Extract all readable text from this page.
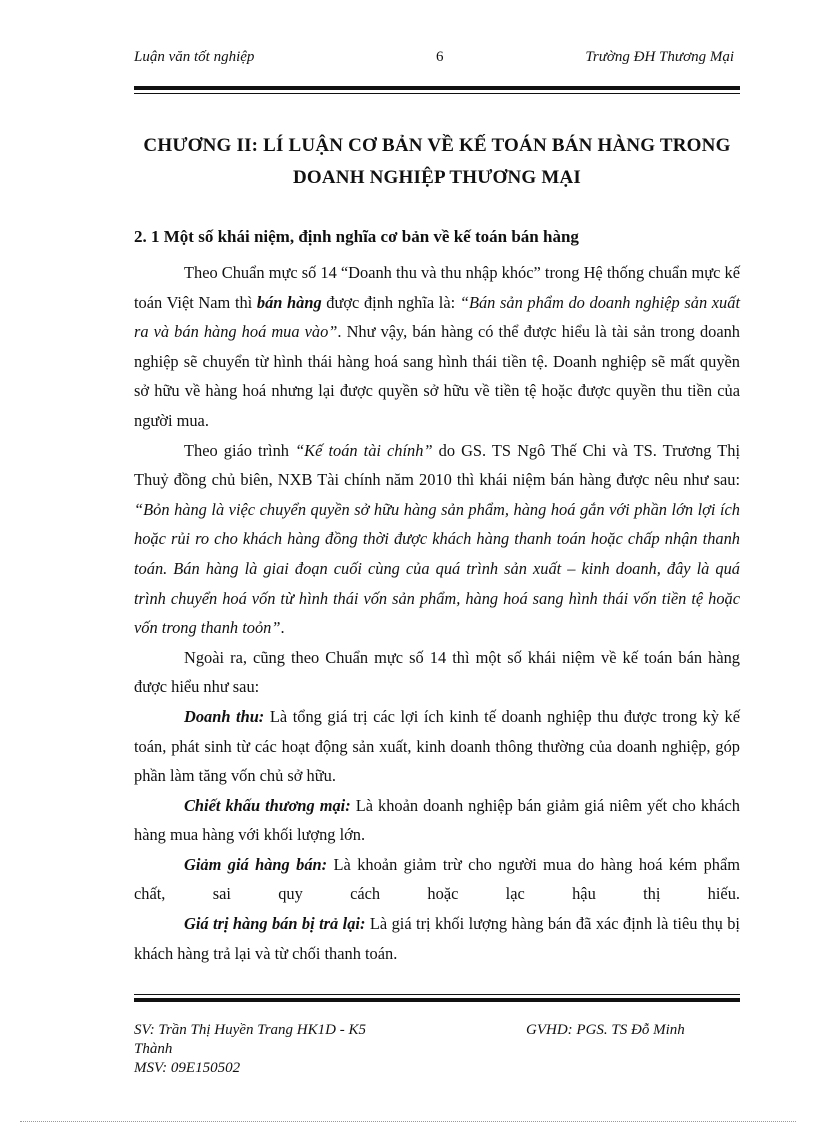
Luận văn tốt nghiệp	6	Trường ĐH Thương Mại
CHƯƠNG II: LÍ LUẬN CƠ BẢN VỀ KẾ TOÁN BÁN HÀNG TRONG
DOANH NGHIỆP THƯƠNG MẠI
2. 1 Một số khái niệm, định nghĩa cơ bản về kế toán bán hàng

Theo Chuẩn mực số 14 “Doanh thu và thu nhập khóc” trong Hệ thống chuẩn mực kế toán Việt Nam thì bán hàng được định nghĩa là: “Bán sản phẩm do doanh nghiệp sản xuất ra và bán hàng hoá mua vào”. Như vậy, bán hàng có thể được hiểu là tài sản trong doanh nghiệp sẽ chuyển từ hình thái hàng hoá sang hình thái tiền tệ. Doanh nghiệp sẽ mất quyền sở hữu về hàng hoá nhưng lại được quyền sở hữu về tiền tệ hoặc được quyền thu tiền của người mua.

Theo giáo trình “Kế toán tài chính” do GS. TS Ngô Thế Chi và TS. Trương Thị Thuỷ đồng chủ biên, NXB Tài chính năm 2010 thì khái niệm bán hàng được nêu như sau: “Bỏn hàng là việc chuyển quyền sở hữu hàng sản phẩm, hàng hoá gắn với phần lớn lợi ích hoặc rủi ro cho khách hàng đồng thời được khách hàng thanh toán hoặc chấp nhận thanh toán. Bán hàng là giai đoạn cuối cùng của quá trình sản xuất – kinh doanh, đây là quá trình chuyển hoá vốn từ hình thái vốn sản phẩm, hàng hoá sang hình thái vốn tiền tệ hoặc vốn trong thanh toỏn”.

Ngoài ra, cũng theo Chuẩn mực số 14 thì một số khái niệm về kế toán bán hàng được hiểu như sau:

Doanh thu: Là tổng giá trị các lợi ích kinh tế doanh nghiệp thu được trong kỳ kế toán, phát sinh từ các hoạt động sản xuất, kinh doanh thông thường của doanh nghiệp, góp phần làm tăng vốn chủ sở hữu.

Chiết khấu thương mại: Là khoản doanh nghiệp bán giảm giá niêm yết cho khách hàng mua hàng với khối lượng lớn.

Giảm giá hàng bán: Là khoản giảm trừ cho người mua do hàng hoá kém phẩm chất, sai quy cách hoặc lạc hậu thị hiếu.

Giá trị hàng bán bị trả lại: Là giá trị khối lượng hàng bán đã xác định là tiêu thụ bị khách hàng trả lại và từ chối thanh toán.

SV: Trần Thị Huyền Trang HK1D - K5
Thành
MSV: 09E150502
GVHD: PGS. TS Đỗ Minh
